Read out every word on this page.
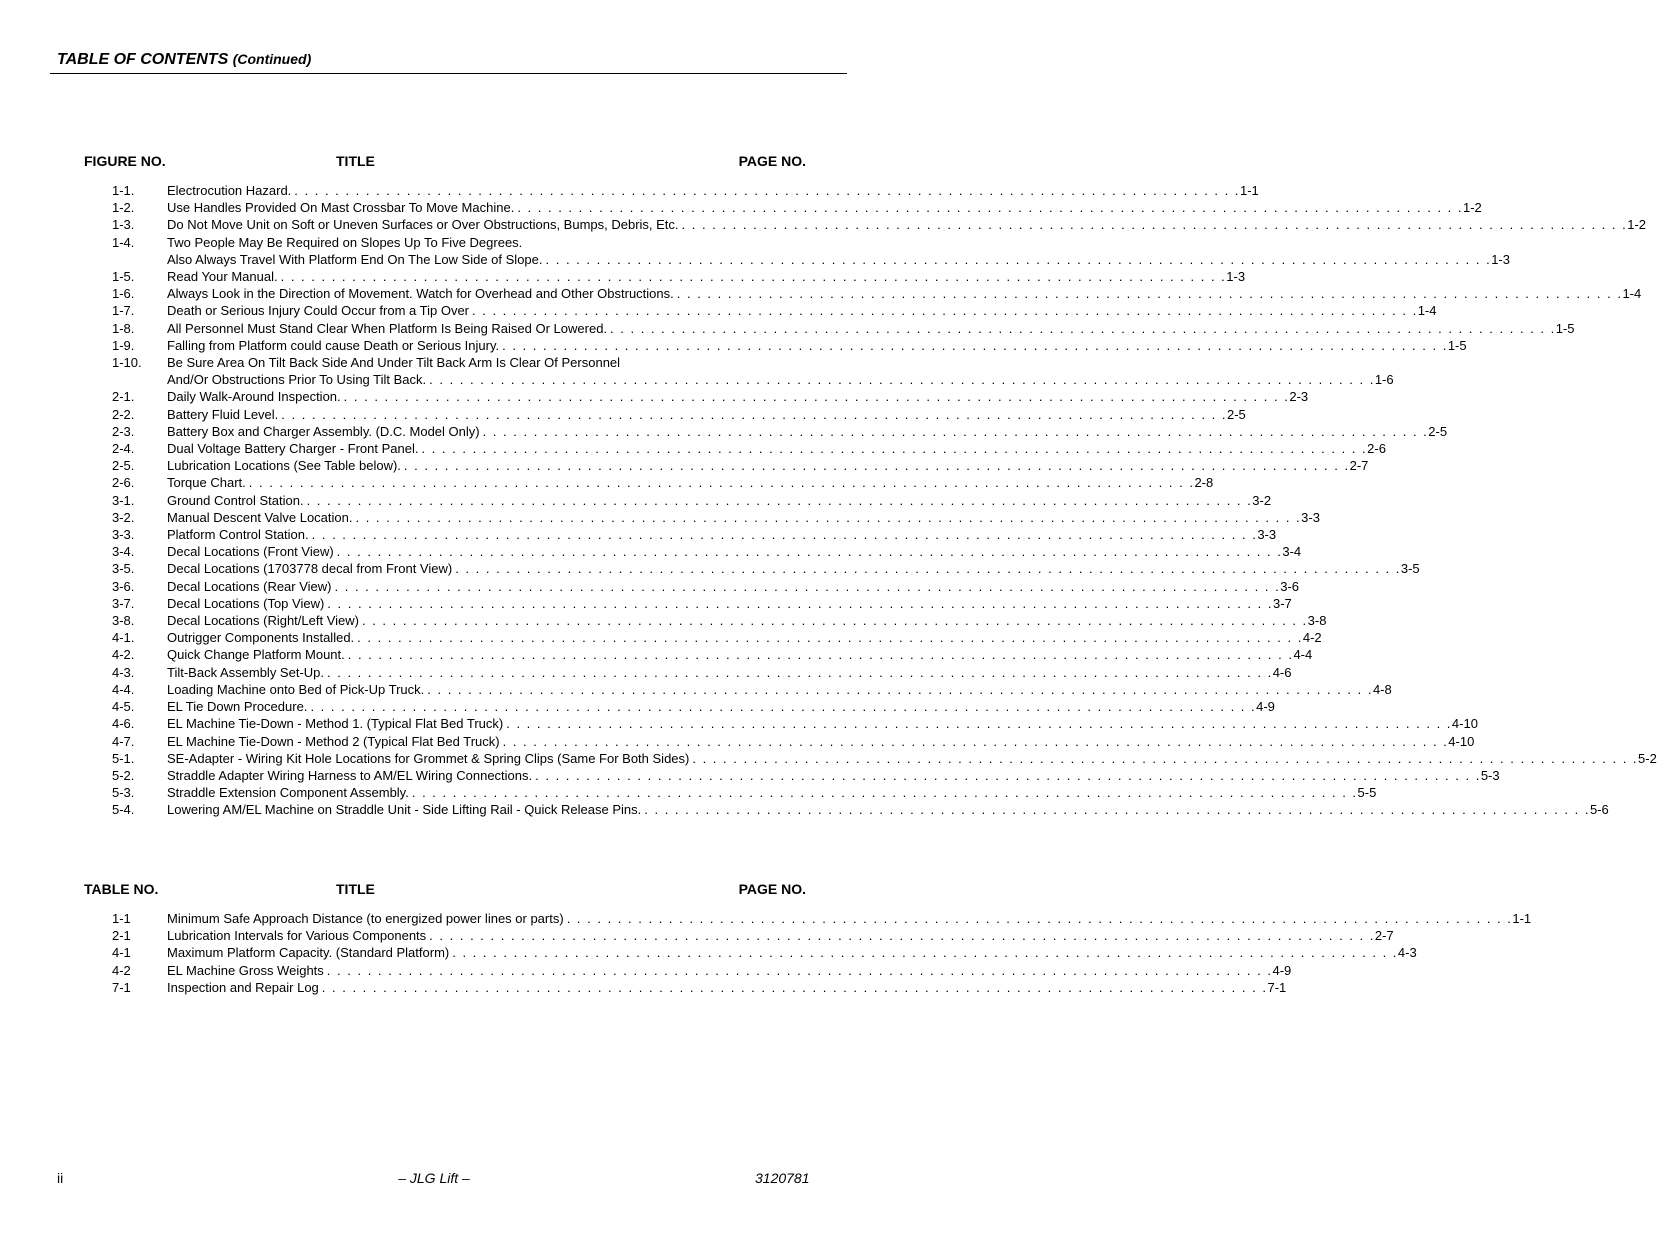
TABLE OF CONTENTS (Continued)
FIGURE NO.	TITLE	PAGE NO.
1-1.	Electrocution Hazard. . . . . . . . . . . . . . . . . . . . . . . . . . . . . . . . . . . . . . . . . . . . . . . . . . . . . . . . . . . . . . . . . . . . . . . . . . . . . . . . . . . . . . . . . . . . . . 1-1
1-2.	Use Handles Provided On Mast Crossbar To Move Machine. . . . . . . . . . . . . . . . . . . . . . . . . . . . . . . . . . . . . . . . . . . . . . . . . . . . . . . . . . . . . . . . . . . . . . . . . . . . . . . . . . . . . . . . . . . . . . 1-2
1-3.	Do Not Move Unit on Soft or Uneven Surfaces or Over Obstructions, Bumps, Debris, Etc. . . . . . . . . . . . . . . . . . . . . . . . . . . . . . . . . . . . . . . . . . . . . . . . . . . . . . . . . . . . . . . . . . . . . . . . . . . . . . . . . . . . . . . . . . . . . . 1-2
1-4.	Two People May Be Required on Slopes Up To Five Degrees.
Also Always Travel With Platform End On The Low Side of Slope. . . . . . . . . . . . . . . . . . . . . . . . . . . . . . . . . . . . . . . . . . . . . . . . . . . . . . . . . . . . . . . . . . . . . . . . . . . . . . . . . . . . . . . . . . . . . . 1-3
1-5.	Read Your Manual. . . . . . . . . . . . . . . . . . . . . . . . . . . . . . . . . . . . . . . . . . . . . . . . . . . . . . . . . . . . . . . . . . . . . . . . . . . . . . . . . . . . . . . . . . . . . . 1-3
1-6.	Always Look in the Direction of Movement. Watch for Overhead and Other Obstructions. . . . . . . . . . . . . . . . . . . . . . . . . . . . . . . . . . . . . . . . . . . . . . . . . . . . . . . . . . . . . . . . . . . . . . . . . . . . . . . . . . . . . . . . . . . . . . 1-4
1-7.	Death or Serious Injury Could Occur from a Tip Over . . . . . . . . . . . . . . . . . . . . . . . . . . . . . . . . . . . . . . . . . . . . . . . . . . . . . . . . . . . . . . . . . . . . . . . . . . . . . . . . . . . . . . . . . . . . . 1-4
1-8.	All Personnel Must Stand Clear When Platform Is Being Raised Or Lowered. . . . . . . . . . . . . . . . . . . . . . . . . . . . . . . . . . . . . . . . . . . . . . . . . . . . . . . . . . . . . . . . . . . . . . . . . . . . . . . . . . . . . . . . . . . . . . 1-5
1-9.	Falling from Platform could cause Death or Serious Injury. . . . . . . . . . . . . . . . . . . . . . . . . . . . . . . . . . . . . . . . . . . . . . . . . . . . . . . . . . . . . . . . . . . . . . . . . . . . . . . . . . . . . . . . . . . . . . 1-5
1-10. Be Sure Area On Tilt Back Side And Under Tilt Back Arm Is Clear Of Personnel
And/Or Obstructions Prior To Using Tilt Back. . . . . . . . . . . . . . . . . . . . . . . . . . . . . . . . . . . . . . . . . . . . . . . . . . . . . . . . . . . . . . . . . . . . . . . . . . . . . . . . . . . . . . . . . . . . . . 1-6
2-1.	Daily Walk-Around Inspection. . . . . . . . . . . . . . . . . . . . . . . . . . . . . . . . . . . . . . . . . . . . . . . . . . . . . . . . . . . . . . . . . . . . . . . . . . . . . . . . . . . . . . . . . . . . . . 2-3
2-2.	Battery Fluid Level. . . . . . . . . . . . . . . . . . . . . . . . . . . . . . . . . . . . . . . . . . . . . . . . . . . . . . . . . . . . . . . . . . . . . . . . . . . . . . . . . . . . . . . . . . . . . . 2-5
2-3.	Battery Box and Charger Assembly. (D.C. Model Only) . . . . . . . . . . . . . . . . . . . . . . . . . . . . . . . . . . . . . . . . . . . . . . . . . . . . . . . . . . . . . . . . . . . . . . . . . . . . . . . . . . . . . . . . . . . . . 2-5
2-4.	Dual Voltage Battery Charger - Front Panel. . . . . . . . . . . . . . . . . . . . . . . . . . . . . . . . . . . . . . . . . . . . . . . . . . . . . . . . . . . . . . . . . . . . . . . . . . . . . . . . . . . . . . . . . . . . . . 2-6
2-5.	Lubrication Locations (See Table below). . . . . . . . . . . . . . . . . . . . . . . . . . . . . . . . . . . . . . . . . . . . . . . . . . . . . . . . . . . . . . . . . . . . . . . . . . . . . . . . . . . . . . . . . . . . . . 2-7
2-6.	Torque Chart. . . . . . . . . . . . . . . . . . . . . . . . . . . . . . . . . . . . . . . . . . . . . . . . . . . . . . . . . . . . . . . . . . . . . . . . . . . . . . . . . . . . . . . . . . . . . . 2-8
3-1.	Ground Control Station. . . . . . . . . . . . . . . . . . . . . . . . . . . . . . . . . . . . . . . . . . . . . . . . . . . . . . . . . . . . . . . . . . . . . . . . . . . . . . . . . . . . . . . . . . . . . . 3-2
3-2.	Manual Descent Valve Location. . . . . . . . . . . . . . . . . . . . . . . . . . . . . . . . . . . . . . . . . . . . . . . . . . . . . . . . . . . . . . . . . . . . . . . . . . . . . . . . . . . . . . . . . . . . . . 3-3
3-3.	Platform Control Station. . . . . . . . . . . . . . . . . . . . . . . . . . . . . . . . . . . . . . . . . . . . . . . . . . . . . . . . . . . . . . . . . . . . . . . . . . . . . . . . . . . . . . . . . . . . . . 3-3
3-4.	Decal Locations (Front View) . . . . . . . . . . . . . . . . . . . . . . . . . . . . . . . . . . . . . . . . . . . . . . . . . . . . . . . . . . . . . . . . . . . . . . . . . . . . . . . . . . . . . . . . . . . . . 3-4
3-5.	Decal Locations (1703778 decal from Front View) . . . . . . . . . . . . . . . . . . . . . . . . . . . . . . . . . . . . . . . . . . . . . . . . . . . . . . . . . . . . . . . . . . . . . . . . . . . . . . . . . . . . . . . . . . . . . 3-5
3-6.	Decal Locations (Rear View) . . . . . . . . . . . . . . . . . . . . . . . . . . . . . . . . . . . . . . . . . . . . . . . . . . . . . . . . . . . . . . . . . . . . . . . . . . . . . . . . . . . . . . . . . . . . . 3-6
3-7.	Decal Locations (Top View) . . . . . . . . . . . . . . . . . . . . . . . . . . . . . . . . . . . . . . . . . . . . . . . . . . . . . . . . . . . . . . . . . . . . . . . . . . . . . . . . . . . . . . . . . . . . . 3-7
3-8.	Decal Locations (Right/Left View) . . . . . . . . . . . . . . . . . . . . . . . . . . . . . . . . . . . . . . . . . . . . . . . . . . . . . . . . . . . . . . . . . . . . . . . . . . . . . . . . . . . . . . . . . . . . . 3-8
4-1.	Outrigger Components Installed. . . . . . . . . . . . . . . . . . . . . . . . . . . . . . . . . . . . . . . . . . . . . . . . . . . . . . . . . . . . . . . . . . . . . . . . . . . . . . . . . . . . . . . . . . . . . . 4-2
4-2.	Quick Change Platform Mount. . . . . . . . . . . . . . . . . . . . . . . . . . . . . . . . . . . . . . . . . . . . . . . . . . . . . . . . . . . . . . . . . . . . . . . . . . . . . . . . . . . . . . . . . . . . . . 4-4
4-3.	Tilt-Back Assembly Set-Up. . . . . . . . . . . . . . . . . . . . . . . . . . . . . . . . . . . . . . . . . . . . . . . . . . . . . . . . . . . . . . . . . . . . . . . . . . . . . . . . . . . . . . . . . . . . . . 4-6
4-4.	Loading Machine onto Bed of Pick-Up Truck. . . . . . . . . . . . . . . . . . . . . . . . . . . . . . . . . . . . . . . . . . . . . . . . . . . . . . . . . . . . . . . . . . . . . . . . . . . . . . . . . . . . . . . . . . . . . . 4-8
4-5.	EL Tie Down Procedure. . . . . . . . . . . . . . . . . . . . . . . . . . . . . . . . . . . . . . . . . . . . . . . . . . . . . . . . . . . . . . . . . . . . . . . . . . . . . . . . . . . . . . . . . . . . . . 4-9
4-6.	EL Machine Tie-Down - Method 1. (Typical Flat Bed Truck) . . . . . . . . . . . . . . . . . . . . . . . . . . . . . . . . . . . . . . . . . . . . . . . . . . . . . . . . . . . . . . . . . . . . . . . . . . . . . . . . . . . . . . . . . . . . . 4-10
4-7.	EL Machine Tie-Down - Method 2 (Typical Flat Bed Truck) . . . . . . . . . . . . . . . . . . . . . . . . . . . . . . . . . . . . . . . . . . . . . . . . . . . . . . . . . . . . . . . . . . . . . . . . . . . . . . . . . . . . . . . . . . . . . 4-10
5-1.	SE-Adapter - Wiring Kit Hole Locations for Grommet & Spring Clips (Same For Both Sides) . . . . . . . . . . . . . . . . . . . . . . . . . . . . . . . . . . . . . . . . . . . . . . . . . . . . . . . . . . . . . . . . . . . . . . . . . . . . . . . . . . . . . . . . . . . . . 5-2
5-2.	Straddle Adapter Wiring Harness to AM/EL Wiring Connections. . . . . . . . . . . . . . . . . . . . . . . . . . . . . . . . . . . . . . . . . . . . . . . . . . . . . . . . . . . . . . . . . . . . . . . . . . . . . . . . . . . . . . . . . . . . . . 5-3
5-3.	Straddle Extension Component Assembly. . . . . . . . . . . . . . . . . . . . . . . . . . . . . . . . . . . . . . . . . . . . . . . . . . . . . . . . . . . . . . . . . . . . . . . . . . . . . . . . . . . . . . . . . . . . . . 5-5
5-4.	Lowering AM/EL Machine on Straddle Unit - Side Lifting Rail - Quick Release Pins. . . . . . . . . . . . . . . . . . . . . . . . . . . . . . . . . . . . . . . . . . . . . . . . . . . . . . . . . . . . . . . . . . . . . . . . . . . . . . . . . . . . . . . . . . . . . . 5-6
TABLE NO.	TITLE	PAGE NO.
1-1	Minimum Safe Approach Distance (to energized power lines or parts) . . . . . . . . . . . . . . . . . . . . . . . . . . . . . . . . . . . . . . . . . . . . . . . . . . . . . . . . . . . . . . . . . . . . . . . . . . . . . . . . . . . . . . . . . . . . . 1-1
2-1	Lubrication Intervals for Various Components . . . . . . . . . . . . . . . . . . . . . . . . . . . . . . . . . . . . . . . . . . . . . . . . . . . . . . . . . . . . . . . . . . . . . . . . . . . . . . . . . . . . . . . . . . . . . 2-7
4-1	Maximum Platform Capacity. (Standard Platform) . . . . . . . . . . . . . . . . . . . . . . . . . . . . . . . . . . . . . . . . . . . . . . . . . . . . . . . . . . . . . . . . . . . . . . . . . . . . . . . . . . . . . . . . . . . . . 4-3
4-2	EL Machine Gross Weights . . . . . . . . . . . . . . . . . . . . . . . . . . . . . . . . . . . . . . . . . . . . . . . . . . . . . . . . . . . . . . . . . . . . . . . . . . . . . . . . . . . . . . . . . . . . . 4-9
7-1	Inspection and Repair Log . . . . . . . . . . . . . . . . . . . . . . . . . . . . . . . . . . . . . . . . . . . . . . . . . . . . . . . . . . . . . . . . . . . . . . . . . . . . . . . . . . . . . . . . . . . . . 7-1
ii	– JLG Lift –	3120781
